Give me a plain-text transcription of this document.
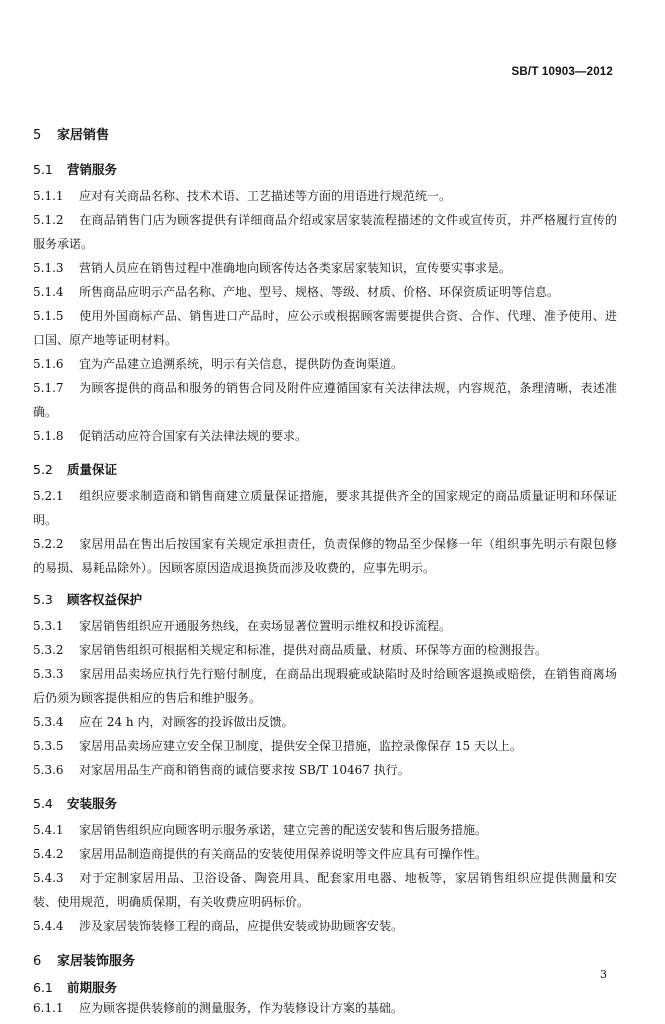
SB/T 10903—2012
5 家居销售
5.1 营销服务
5.1.1 应对有关商品名称、技术术语、工艺描述等方面的用语进行规范统一。
5.1.2 在商品销售门店为顾客提供有详细商品介绍或家居家装流程描述的文件或宣传页，并严格履行宣传的服务承诺。
5.1.3 营销人员应在销售过程中准确地向顾客传达各类家居家装知识，宣传要实事求是。
5.1.4 所售商品应明示产品名称、产地、型号、规格、等级、材质、价格、环保资质证明等信息。
5.1.5 使用外国商标产品、销售进口产品时，应公示或根据顾客需要提供合资、合作、代理、准予使用、进口国、原产地等证明材料。
5.1.6 宜为产品建立追溯系统，明示有关信息，提供防伪查询渠道。
5.1.7 为顾客提供的商品和服务的销售合同及附件应遵循国家有关法律法规，内容规范，条理清晰，表述准确。
5.1.8 促销活动应符合国家有关法律法规的要求。
5.2 质量保证
5.2.1 组织应要求制造商和销售商建立质量保证措施，要求其提供齐全的国家规定的商品质量证明和环保证明。
5.2.2 家居用品在售出后按国家有关规定承担责任，负责保修的物品至少保修一年（组织事先明示有限包修的易损、易耗品除外）。因顾客原因造成退换货而涉及收费的，应事先明示。
5.3 顾客权益保护
5.3.1 家居销售组织应开通服务热线，在卖场显著位置明示维权和投诉流程。
5.3.2 家居销售组织可根据相关规定和标准，提供对商品质量、材质、环保等方面的检测报告。
5.3.3 家居用品卖场应执行先行赔付制度，在商品出现瑕疵或缺陷时及时给顾客退换或赔偿，在销售商离场后仍须为顾客提供相应的售后和维护服务。
5.3.4 应在 24 h 内，对顾客的投诉做出反馈。
5.3.5 家居用品卖场应建立安全保卫制度，提供安全保卫措施，监控录像保存 15 天以上。
5.3.6 对家居用品生产商和销售商的诚信要求按 SB/T 10467 执行。
5.4 安装服务
5.4.1 家居销售组织应向顾客明示服务承诺，建立完善的配送安装和售后服务措施。
5.4.2 家居用品制造商提供的有关商品的安装使用保养说明等文件应具有可操作性。
5.4.3 对于定制家居用品、卫浴设备、陶瓷用具、配套家用电器、地板等，家居销售组织应提供测量和安装、使用规范，明确质保期，有关收费应明码标价。
5.4.4 涉及家居装饰装修工程的商品，应提供安装或协助顾客安装。
6 家居装饰服务
6.1 前期服务
6.1.1 应为顾客提供装修前的测量服务，作为装修设计方案的基础。
3
